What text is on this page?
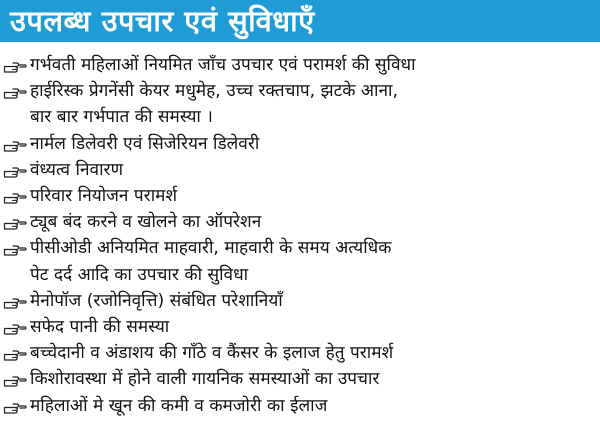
उपलब्ध उपचार एवं सुविधाएँ
गर्भवती महिलाओं नियमित जाँच उपचार एवं परामर्श की सुविधा
हाईरिस्क प्रेगनेंसी केयर मधुमेह, उच्च रक्तचाप, झटके आना,
बार बार गर्भपात की समस्या ।
नार्मल डिलेवरी एवं सिजेरियन डिलेवरी
वंध्यत्व निवारण
परिवार नियोजन परामर्श
ट्यूब बंद करने व खोलने का ऑपरेशन
पीसीओडी अनियमित माहवारी, माहवारी के समय अत्यधिक
पेट दर्द आदि का उपचार की सुविधा
मेनोपॉज (रजोनिवृत्ति) संबंधित परेशानियाँ
सफेद पानी की समस्या
बच्चेदानी व अंडाशय की गाँठे व कैंसर के इलाज हेतु परामर्श
किशोरावस्था में होने वाली गायनिक समस्याओं का उपचार
महिलाओं मे खून की कमी व कमजोरी का ईलाज
